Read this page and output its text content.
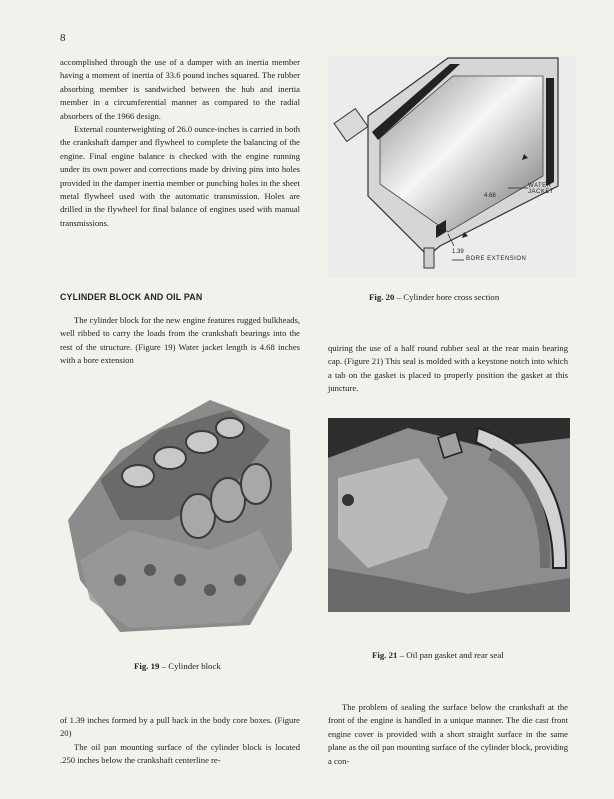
8

accomplished through the use of a damper with an inertia member having a moment of inertia of 33.6 pound inches squared. The rubber absorbing member is sandwiched between the hub and inertia member in a circumferential manner as compared to the radial absorbers of the 1966 design.

External counterweighting of 26.0 ounce-inches is carried in both the crankshaft damper and flywheel to complete the balancing of the engine. Final engine balance is checked with the engine running under its own power and corrections made by driving pins into holes provided in the damper inertia member or punching holes in the sheet metal flywheel used with the automatic transmission. Holes are drilled in the flywheel for final balance of engines used with manual transmissions.

CYLINDER BLOCK AND OIL PAN

The cylinder block for the new engine features rugged bulkheads, well ribbed to carry the loads from the crankshaft bearings into the rest of the structure. (Figure 19) Water jacket length is 4.68 inches with a bore extension

WATER JACKET
4.68
1.39
BORE EXTENSION
Fig. 20 – Cylinder bore cross section

quiring the use of a half round rubber seal at the rear main bearing cap. (Figure 21) This seal is molded with a keystone notch into which a tab on the gasket is placed to properly position the gasket at this juncture.

Fig. 19 – Cylinder block
Fig. 21 – Oil pan gasket and rear seal

of 1.39 inches formed by a pull back in the body core boxes. (Figure 20)

The oil pan mounting surface of the cylinder block is located .250 inches below the crankshaft centerline re-

The problem of sealing the surface below the crankshaft at the front of the engine is handled in a unique manner. The die cast front engine cover is provided with a short straight surface in the same plane as the oil pan mounting surface of the cylinder block, providing a con-
